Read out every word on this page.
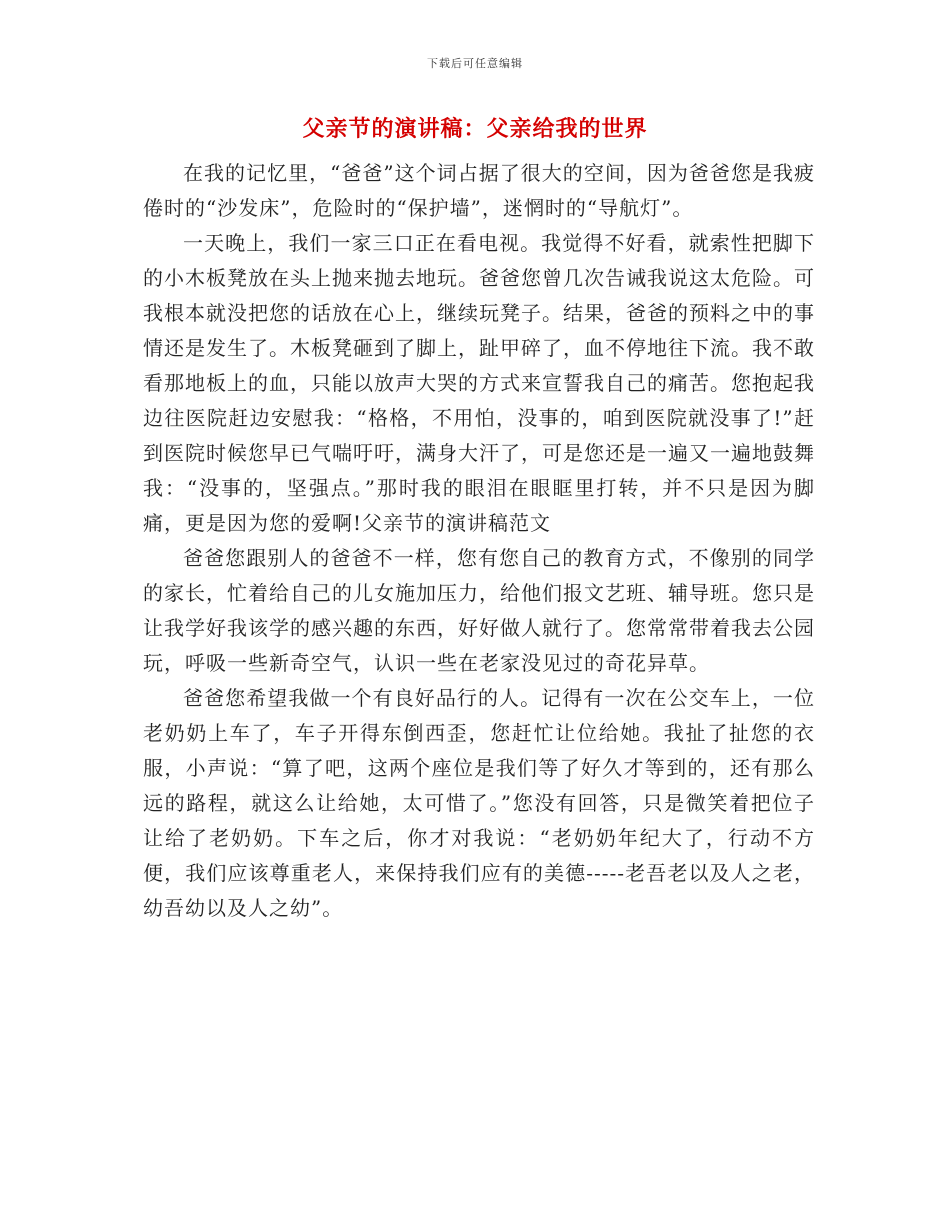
下载后可任意编辑
父亲节的演讲稿：父亲给我的世界

在我的记忆里，“爸爸”这个词占据了很大的空间，因为爸爸您是我疲倦时的“沙发床”，危险时的“保护墙”，迷惘时的“导航灯”。

一天晚上，我们一家三口正在看电视。我觉得不好看，就索性把脚下的小木板凳放在头上抛来抛去地玩。爸爸您曾几次告诫我说这太危险。可我根本就没把您的话放在心上，继续玩凳子。结果，爸爸的预料之中的事情还是发生了。木板凳砸到了脚上，趾甲碎了，血不停地往下流。我不敢看那地板上的血，只能以放声大哭的方式来宣誓我自己的痛苦。您抱起我边往医院赶边安慰我：“格格，不用怕，没事的，咱到医院就没事了!”赶到医院时候您早已气喘吁吁，满身大汗了，可是您还是一遍又一遍地鼓舞我：“没事的，坚强点。”那时我的眼泪在眼眶里打转，并不只是因为脚痛，更是因为您的爱啊!父亲节的演讲稿范文

爸爸您跟别人的爸爸不一样，您有您自己的教育方式，不像别的同学的家长，忙着给自己的儿女施加压力，给他们报文艺班、辅导班。您只是让我学好我该学的感兴趣的东西，好好做人就行了。您常常带着我去公园玩，呼吸一些新奇空气，认识一些在老家没见过的奇花异草。

爸爸您希望我做一个有良好品行的人。记得有一次在公交车上，一位老奶奶上车了，车子开得东倒西歪，您赶忙让位给她。我扯了扯您的衣服，小声说：“算了吧，这两个座位是我们等了好久才等到的，还有那么远的路程，就这么让给她，太可惜了。”您没有回答，只是微笑着把位子让给了老奶奶。下车之后，你才对我说：“老奶奶年纪大了，行动不方便，我们应该尊重老人，来保持我们应有的美德-----老吾老以及人之老，幼吾幼以及人之幼”。
